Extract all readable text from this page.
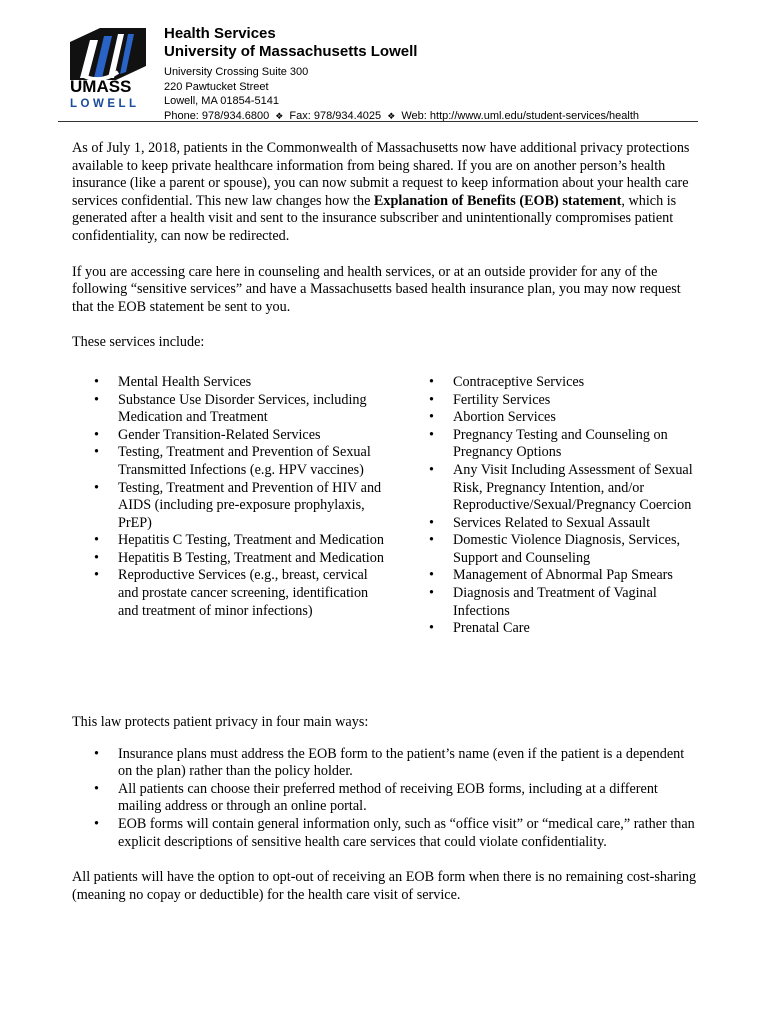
UMASS
LOWELL
Health Services
University of Massachusetts Lowell
University Crossing Suite 300
220 Pawtucket Street
Lowell, MA 01854-5141
Phone: 978/934.6800 ❖ Fax: 978/934.4025 ❖ Web: http://www.uml.edu/student-services/health

As of July 1, 2018, patients in the Commonwealth of Massachusetts now have additional privacy protections available to keep private healthcare information from being shared. If you are on another person’s health insurance (like a parent or spouse), you can now submit a request to keep information about your health care services confidential. This new law changes how the Explanation of Benefits (EOB) statement, which is generated after a health visit and sent to the insurance subscriber and unintentionally compromises patient confidentiality, can now be redirected.

If you are accessing care here in counseling and health services, or at an outside provider for any of the following “sensitive services” and have a Massachusetts based health insurance plan, you may now request that the EOB statement be sent to you.

These services include:

• Mental Health Services
• Substance Use Disorder Services, including Medication and Treatment
• Gender Transition-Related Services
• Testing, Treatment and Prevention of Sexual Transmitted Infections (e.g. HPV vaccines)
• Testing, Treatment and Prevention of HIV and AIDS (including pre-exposure prophylaxis, PrEP)
• Hepatitis C Testing, Treatment and Medication
• Hepatitis B Testing, Treatment and Medication
• Reproductive Services (e.g., breast, cervical and prostate cancer screening, identification and treatment of minor infections)
• Contraceptive Services
• Fertility Services
• Abortion Services
• Pregnancy Testing and Counseling on Pregnancy Options
• Any Visit Including Assessment of Sexual Risk, Pregnancy Intention, and/or Reproductive/Sexual/Pregnancy Coercion
• Services Related to Sexual Assault
• Domestic Violence Diagnosis, Services, Support and Counseling
• Management of Abnormal Pap Smears
• Diagnosis and Treatment of Vaginal Infections
• Prenatal Care

This law protects patient privacy in four main ways:

• Insurance plans must address the EOB form to the patient’s name (even if the patient is a dependent on the plan) rather than the policy holder.
• All patients can choose their preferred method of receiving EOB forms, including at a different mailing address or through an online portal.
• EOB forms will contain general information only, such as “office visit” or “medical care,” rather than explicit descriptions of sensitive health care services that could violate confidentiality.

All patients will have the option to opt-out of receiving an EOB form when there is no remaining cost-sharing (meaning no copay or deductible) for the health care visit of service.
